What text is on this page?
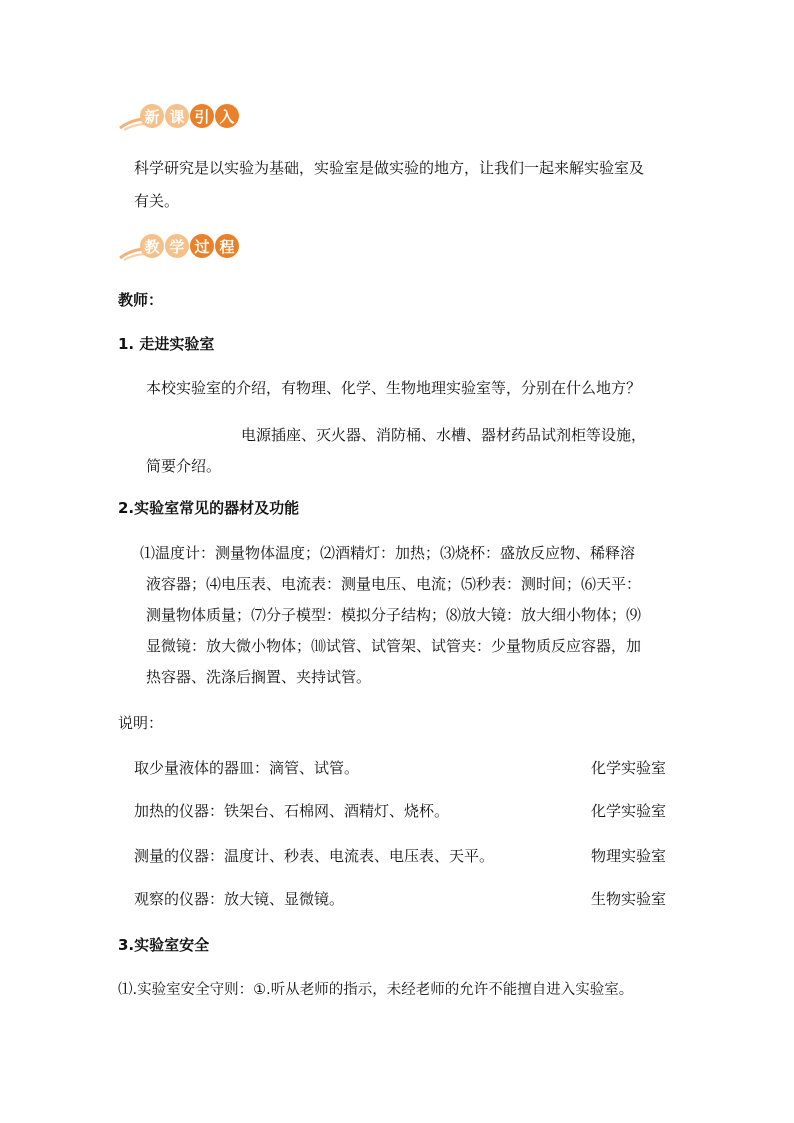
新 课 引 入
科学研究是以实验为基础，实验室是做实验的地方，让我们一起来解实验室及
有关。
教 学 过 程
教师：
1. 走进实验室
本校实验室的介绍，有物理、化学、生物地理实验室等，分别在什么地方？
电源插座、灭火器、消防桶、水槽、器材药品试剂柜等设施，
简要介绍。
2.实验室常见的器材及功能
⑴温度计：测量物体温度；⑵酒精灯：加热；⑶烧杯：盛放反应物、稀释溶
液容器；⑷电压表、电流表：测量电压、电流；⑸秒表：测时间；⑹天平：
测量物体质量；⑺分子模型：模拟分子结构；⑻放大镜：放大细小物体；⑼
显微镜：放大微小物体；⑽试管、试管架、试管夹：少量物质反应容器，加
热容器、洗涤后搁置、夹持试管。
说明：
取少量液体的器皿：滴管、试管。	化学实验室
加热的仪器：铁架台、石棉网、酒精灯、烧杯。	化学实验室
测量的仪器：温度计、秒表、电流表、电压表、天平。	物理实验室
观察的仪器：放大镜、显微镜。	生物实验室
3.实验室安全
⑴.实验室安全守则：①.听从老师的指示，未经老师的允许不能擅自进入实验室。
